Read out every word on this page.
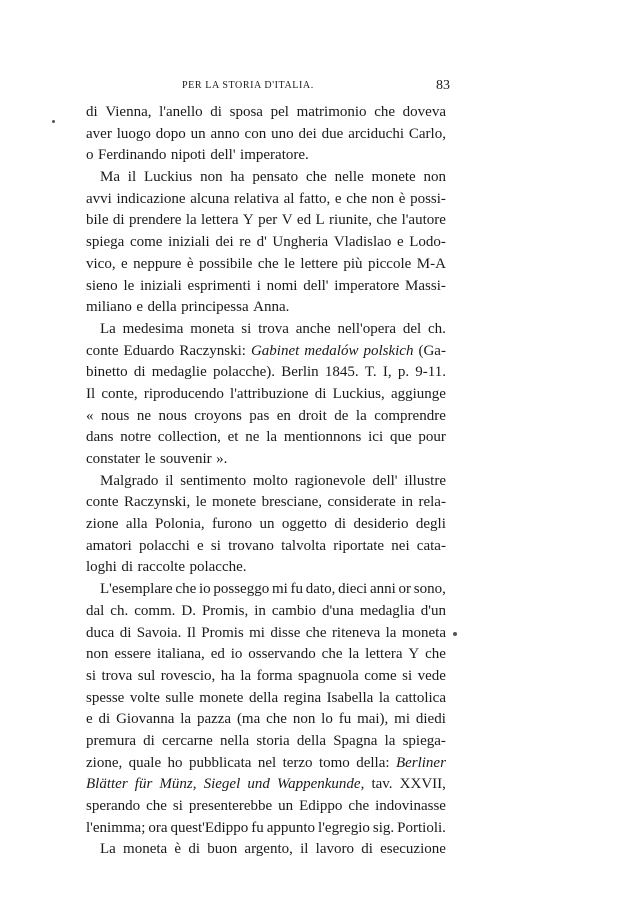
PER LA STORIA D'ITALIA.	83
di Vienna, l'anello di sposa pel matrimonio che doveva
aver luogo dopo un anno con uno dei due arciduchi Carlo,
o Ferdinando nipoti dell' imperatore.
Ma il Luckius non ha pensato che nelle monete non
avvi indicazione alcuna relativa al fatto, e che non è possi-
bile di prendere la lettera Y per V ed L riunite, che l'autore
spiega come iniziali dei re d' Ungheria Vladislao e Lodo-
vico, e neppure è possibile che le lettere più piccole M-A
sieno le iniziali esprimenti i nomi dell' imperatore Massi-
miliano e della principessa Anna.
La medesima moneta si trova anche nell'opera del ch.
conte Eduardo Raczynski: Gabinet medalów polskich (Ga-
binetto di medaglie polacche). Berlin 1845. T. I, p. 9-11.
Il conte, riproducendo l'attribuzione di Luckius, aggiunge
« nous ne nous croyons pas en droit de la comprendre
dans notre collection, et ne la mentionnons ici que pour
constater le souvenir ».
Malgrado il sentimento molto ragionevole dell' illustre
conte Raczynski, le monete bresciane, considerate in rela-
zione alla Polonia, furono un oggetto di desiderio degli
amatori polacchi e si trovano talvolta riportate nei cata-
loghi di raccolte polacche.
L'esemplare che io posseggo mi fu dato, dieci anni or sono,
dal ch. comm. D. Promis, in cambio d'una medaglia d'un
duca di Savoia. Il Promis mi disse che riteneva la moneta
non essere italiana, ed io osservando che la lettera Y che
si trova sul rovescio, ha la forma spagnuola come si vede
spesse volte sulle monete della regina Isabella la cattolica
e di Giovanna la pazza (ma che non lo fu mai), mi diedi
premura di cercarne nella storia della Spagna la spiega-
zione, quale ho pubblicata nel terzo tomo della: Berliner
Blätter für Münz, Siegel und Wappenkunde, tav. XXVII,
sperando che si presenterebbe un Edippo che indovinasse
l'enimma; ora quest'Edippo fu appunto l'egregio sig. Portioli.
La moneta è di buon argento, il lavoro di esecuzione
